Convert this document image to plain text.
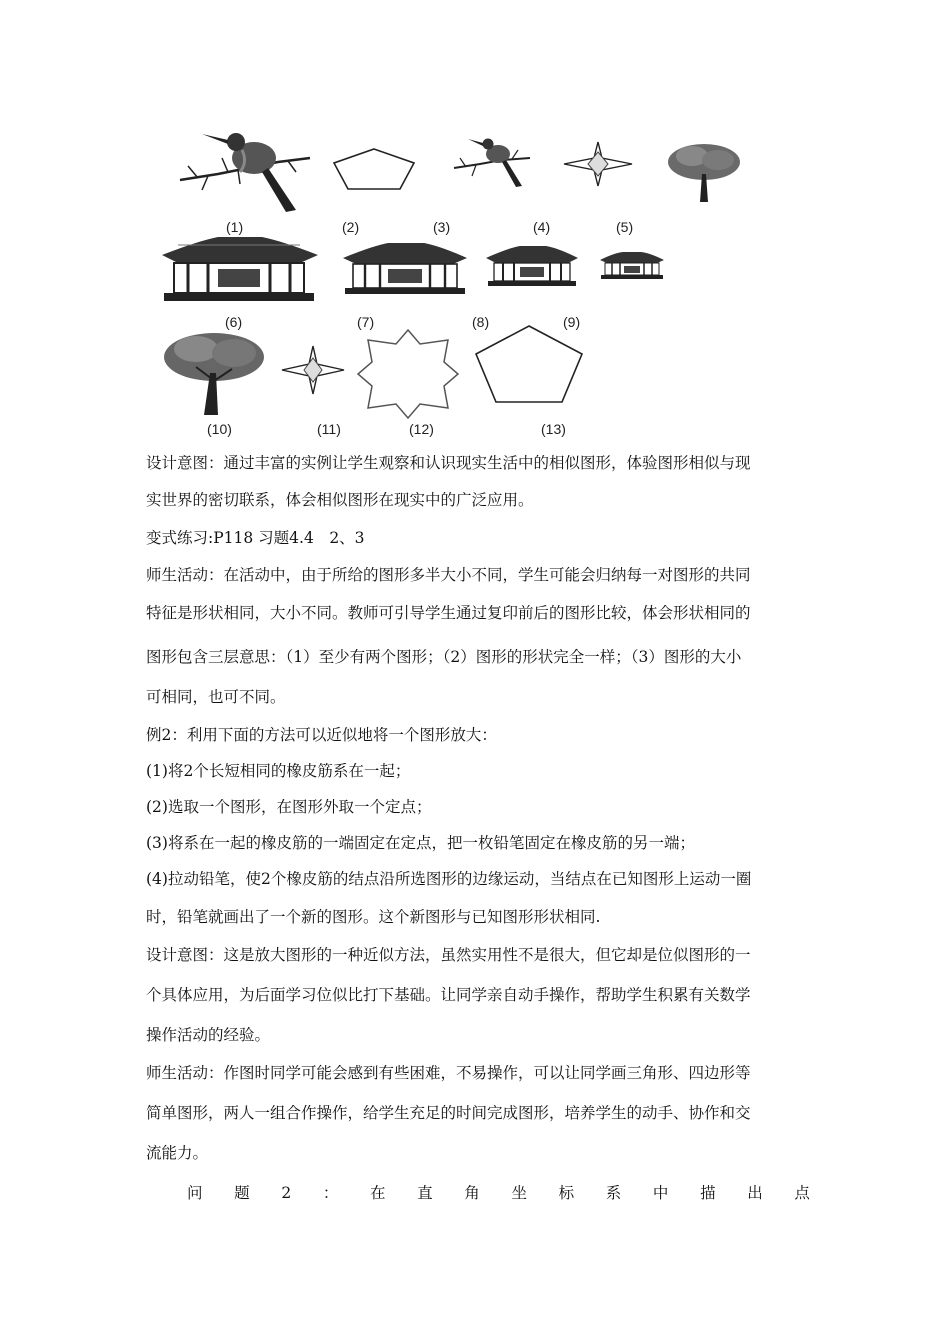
(1)	(2)	(3)	(4)	(5)
(6)	(7)	(8)	(9)
(10)	(11)	(12)	(13)
设计意图：通过丰富的实例让学生观察和认识现实生活中的相似图形，体验图形相似与现
实世界的密切联系，体会相似图形在现实中的广泛应用。
变式练习:P118 习题4.4　2、3
师生活动：在活动中，由于所给的图形多半大小不同，学生可能会归纳每一对图形的共同
特征是形状相同，大小不同。教师可引导学生通过复印前后的图形比较，体会形状相同的
图形包含三层意思：（1）至少有两个图形；（2）图形的形状完全一样；（3）图形的大小
可相同，也可不同。
例2：利用下面的方法可以近似地将一个图形放大：
(1)将2个长短相同的橡皮筋系在一起；
(2)选取一个图形，在图形外取一个定点；
(3)将系在一起的橡皮筋的一端固定在定点，把一枚铅笔固定在橡皮筋的另一端；
(4)拉动铅笔，使2个橡皮筋的结点沿所选图形的边缘运动，当结点在已知图形上运动一圈
时，铅笔就画出了一个新的图形。这个新图形与已知图形形状相同.
设计意图：这是放大图形的一种近似方法，虽然实用性不是很大，但它却是位似图形的一
个具体应用，为后面学习位似比打下基础。让同学亲自动手操作，帮助学生积累有关数学
操作活动的经验。
师生活动：作图时同学可能会感到有些困难，不易操作，可以让同学画三角形、四边形等
简单图形，两人一组合作操作，给学生充足的时间完成图形，培养学生的动手、协作和交
流能力。
问 题 2 ： 在 直 角 坐 标 系 中 描 出 点
